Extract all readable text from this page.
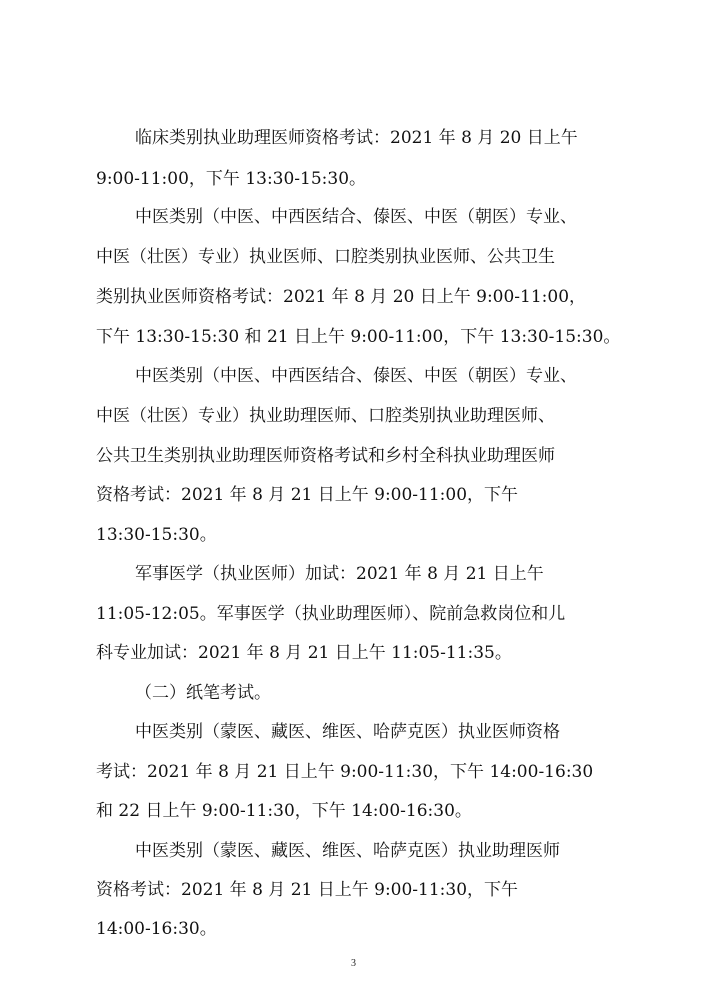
临床类别执业助理医师资格考试：2021 年 8 月 20 日上午
9:00-11:00，下午 13:30-15:30。
中医类别（中医、中西医结合、傣医、中医（朝医）专业、
中医（壮医）专业）执业医师、口腔类别执业医师、公共卫生
类别执业医师资格考试：2021 年 8 月 20 日上午 9:00-11:00，
下午 13:30-15:30 和 21 日上午 9:00-11:00，下午 13:30-15:30。
中医类别（中医、中西医结合、傣医、中医（朝医）专业、
中医（壮医）专业）执业助理医师、口腔类别执业助理医师、
公共卫生类别执业助理医师资格考试和乡村全科执业助理医师
资格考试：2021 年 8 月 21 日上午 9:00-11:00，下午
13:30-15:30。
军事医学（执业医师）加试：2021 年 8 月 21 日上午
11:05-12:05。军事医学（执业助理医师）、院前急救岗位和儿
科专业加试：2021 年 8 月 21 日上午 11:05-11:35。
（二）纸笔考试。
中医类别（蒙医、藏医、维医、哈萨克医）执业医师资格
考试：2021 年 8 月 21 日上午 9:00-11:30，下午 14:00-16:30
和 22 日上午 9:00-11:30，下午 14:00-16:30。
中医类别（蒙医、藏医、维医、哈萨克医）执业助理医师
资格考试：2021 年 8 月 21 日上午 9:00-11:30，下午
14:00-16:30。
3
